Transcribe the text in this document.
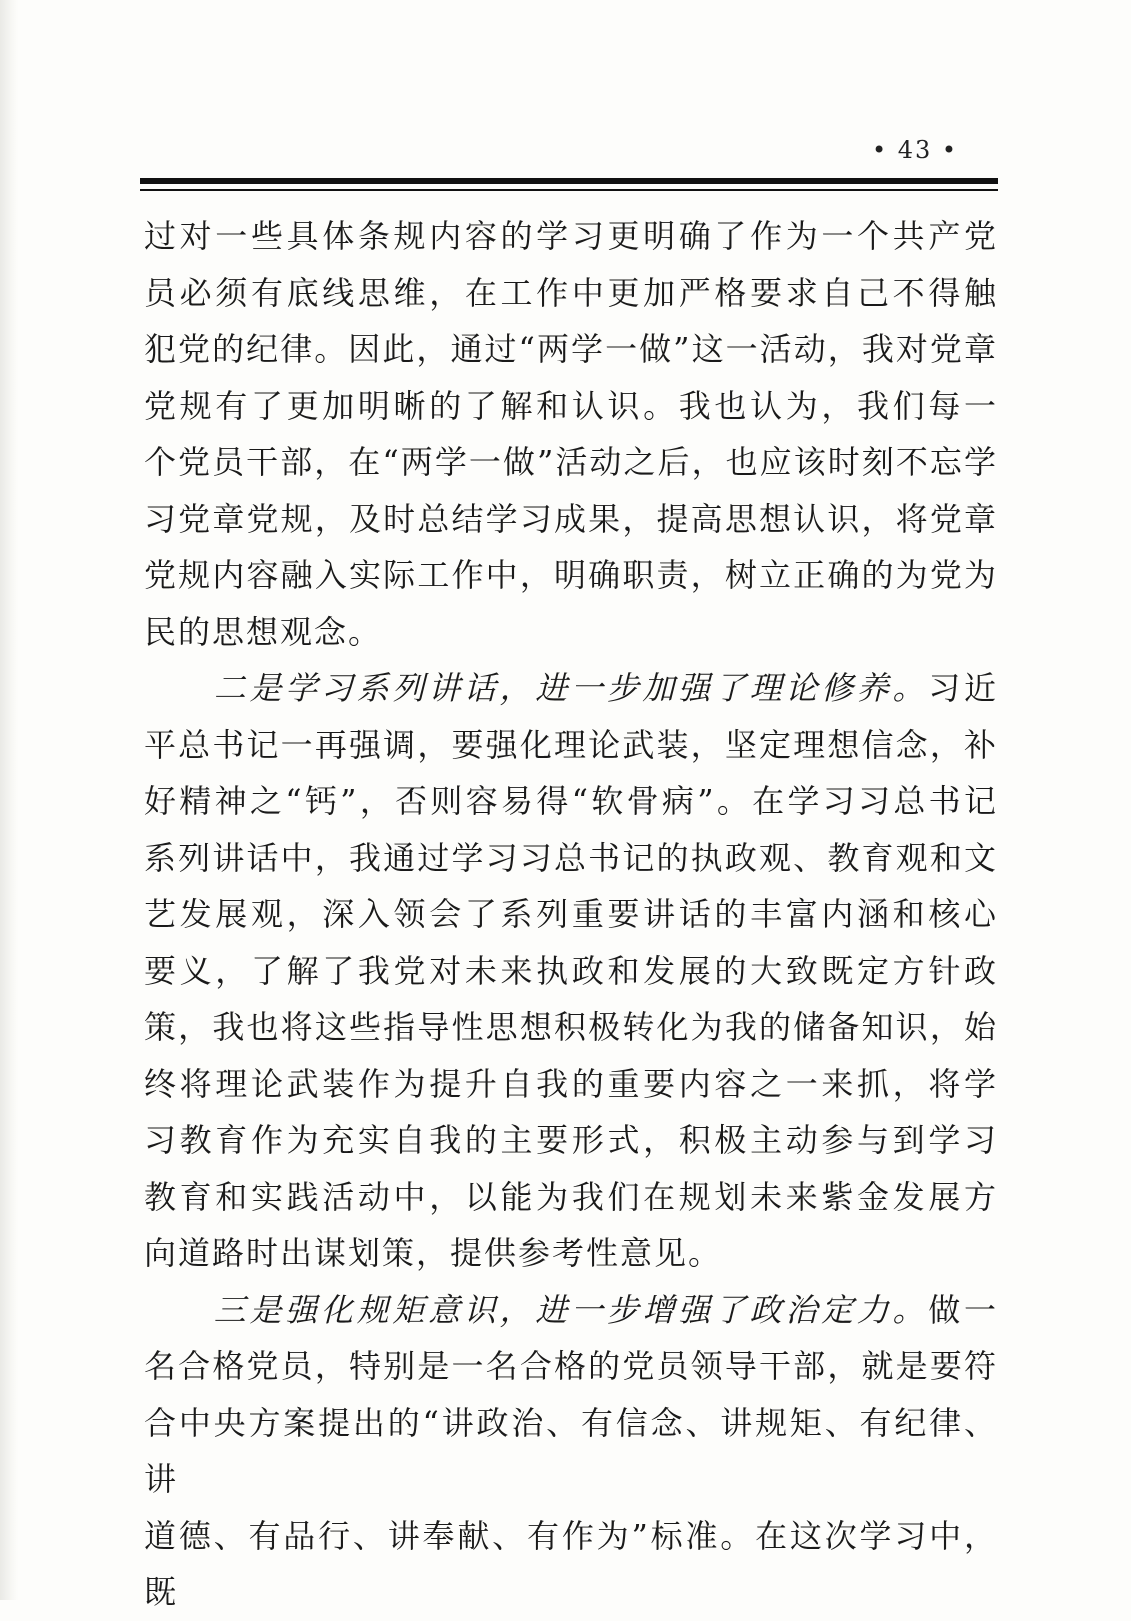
• 43 •

过对一些具体条规内容的学习更明确了作为一个共产党
员必须有底线思维，在工作中更加严格要求自己不得触
犯党的纪律。因此，通过“两学一做”这一活动，我对党章
党规有了更加明晰的了解和认识。我也认为，我们每一
个党员干部，在“两学一做”活动之后，也应该时刻不忘学
习党章党规，及时总结学习成果，提高思想认识，将党章
党规内容融入实际工作中，明确职责，树立正确的为党为
民的思想观念。

二是学习系列讲话，进一步加强了理论修养。习近
平总书记一再强调，要强化理论武装，坚定理想信念，补
好精神之“钙”，否则容易得“软骨病”。在学习习总书记
系列讲话中，我通过学习习总书记的执政观、教育观和文
艺发展观，深入领会了系列重要讲话的丰富内涵和核心
要义，了解了我党对未来执政和发展的大致既定方针政
策，我也将这些指导性思想积极转化为我的储备知识，始
终将理论武装作为提升自我的重要内容之一来抓，将学
习教育作为充实自我的主要形式，积极主动参与到学习
教育和实践活动中，以能为我们在规划未来紫金发展方
向道路时出谋划策，提供参考性意见。

三是强化规矩意识，进一步增强了政治定力。做一
名合格党员，特别是一名合格的党员领导干部，就是要符
合中央方案提出的“讲政治、有信念、讲规矩、有纪律、讲
道德、有品行、讲奉献、有作为”标准。在这次学习中，既
